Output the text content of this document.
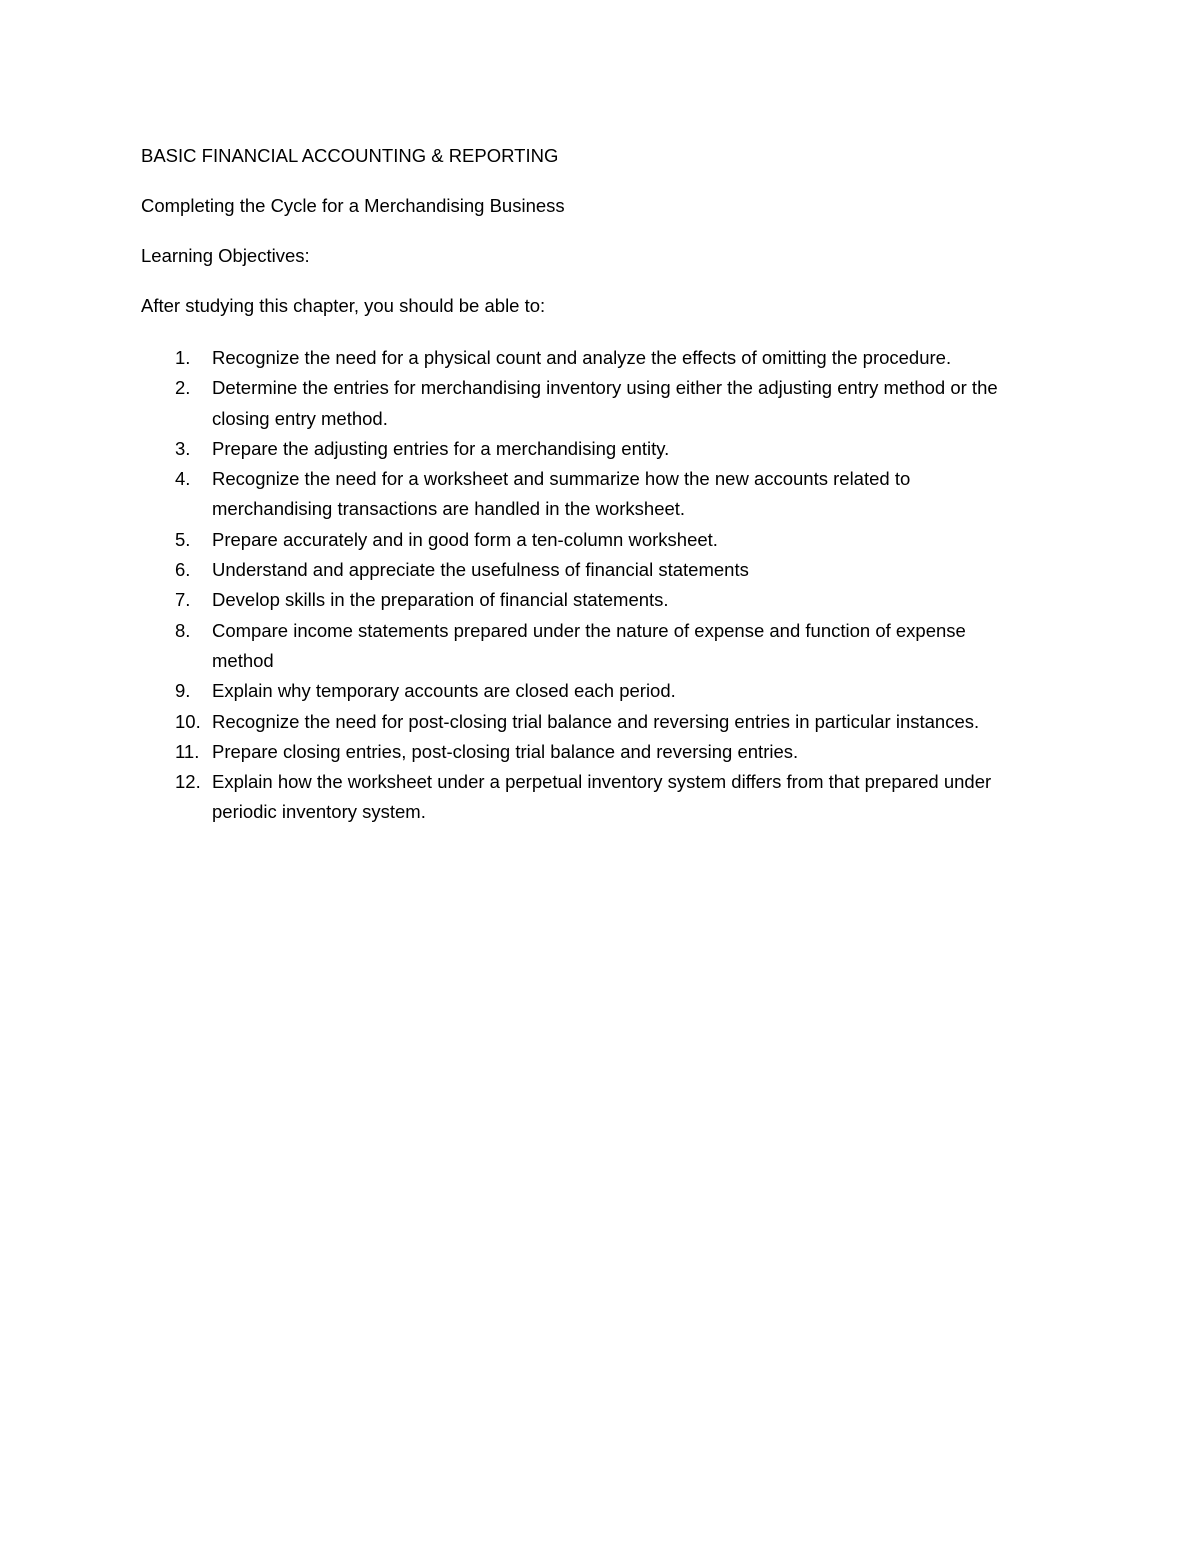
BASIC FINANCIAL ACCOUNTING & REPORTING

Completing the Cycle for a Merchandising Business

Learning Objectives:

After studying this chapter, you should be able to:

1.	Recognize the need for a physical count and analyze the effects of omitting the procedure.
2.	Determine the entries for merchandising inventory using either the adjusting entry method or the closing entry method.
3.	Prepare the adjusting entries for a merchandising entity.
4.	Recognize the need for a worksheet and summarize how the new accounts related to merchandising transactions are handled in the worksheet.
5.	Prepare accurately and in good form a ten-column worksheet.
6.	Understand and appreciate the usefulness of financial statements
7.	Develop skills in the preparation of financial statements.
8.	Compare income statements prepared under the nature of expense and function of expense method
9.	Explain why temporary accounts are closed each period.
10. Recognize the need for post-closing trial balance and reversing entries in particular instances.
11. Prepare closing entries, post-closing trial balance and reversing entries.
12. Explain how the worksheet under a perpetual inventory system differs from that prepared under periodic inventory system.
